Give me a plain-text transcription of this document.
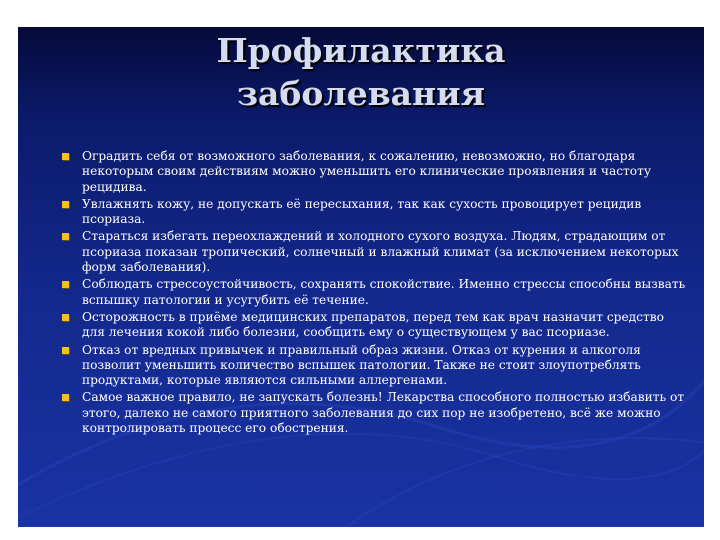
Профилактика
заболевания
Оградить себя от возможного заболевания, к сожалению, невозможно, но благодаря некоторым своим действиям можно уменьшить его клинические проявления и частоту рецидива.
Увлажнять кожу, не допускать её пересыхания, так как сухость провоцирует рецидив псориаза.
Стараться избегать переохлаждений и холодного сухого воздуха. Людям, страдающим от псориаза показан тропический, солнечный и влажный климат (за исключением некоторых форм заболевания).
Соблюдать стрессоустойчивость, сохранять спокойствие. Именно стрессы способны вызвать вспышку патологии и усугубить её течение.
Осторожность в приёме медицинских препаратов, перед тем как врач назначит средство для лечения кокой либо болезни, сообщить ему о существующем у вас псориазе.
Отказ от вредных привычек и правильный образ жизни. Отказ от курения и алкоголя позволит уменьшить количество вспышек патологии. Также не стоит злоупотреблять продуктами, которые являются сильными аллергенами.
Самое важное правило, не запускать болезнь! Лекарства способного полностью избавить от этого, далеко не самого приятного заболевания до сих пор не изобретено, всё же можно контролировать процесс его обострения.
